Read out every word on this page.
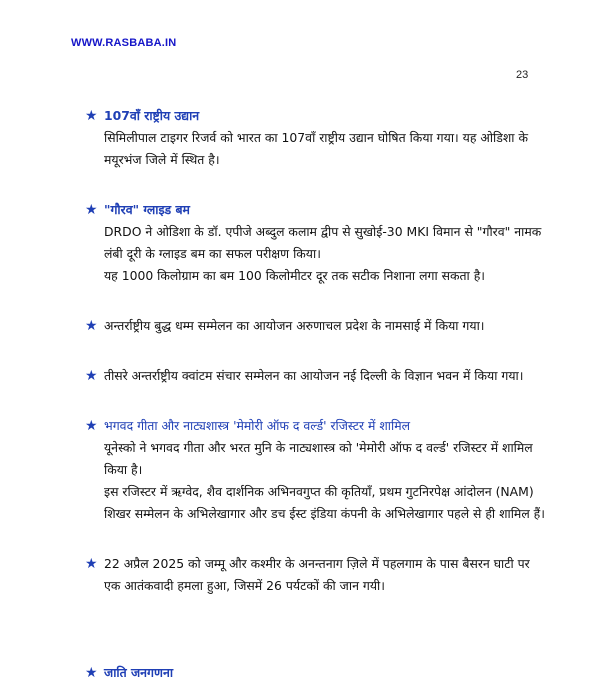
WWW.RASBABA.IN
23
★ 107वाँ राष्ट्रीय उद्यान
सिमिलीपाल टाइगर रिजर्व को भारत का 107वाँ राष्ट्रीय उद्यान घोषित किया गया। यह ओडिशा के मयूरभंज जिले में स्थित है।
★ "गौरव" ग्लाइड बम
DRDO ने ओडिशा के डॉ. एपीजे अब्दुल कलाम द्वीप से सुखोई-30 MKI विमान से "गौरव" नामक लंबी दूरी के ग्लाइड बम का सफल परीक्षण किया।
यह 1000 किलोग्राम का बम 100 किलोमीटर दूर तक सटीक निशाना लगा सकता है।
★ अन्तर्राष्ट्रीय बुद्ध धम्म सम्मेलन का आयोजन अरुणाचल प्रदेश के नामसाई में किया गया।
★ तीसरे अन्तर्राष्ट्रीय क्वांटम संचार सम्मेलन का आयोजन नई दिल्ली के विज्ञान भवन में किया गया।
★ भगवद गीता और नाट्यशास्त्र 'मेमोरी ऑफ द वर्ल्ड' रजिस्टर में शामिल
यूनेस्को ने भगवद गीता और भरत मुनि के नाट्यशास्त्र को 'मेमोरी ऑफ द वर्ल्ड' रजिस्टर में शामिल किया है।
इस रजिस्टर में ऋग्वेद, शैव दार्शनिक अभिनवगुप्त की कृतियाँ, प्रथम गुटनिरपेक्ष आंदोलन (NAM) शिखर सम्मेलन के अभिलेखागार और डच ईस्ट इंडिया कंपनी के अभिलेखागार पहले से ही शामिल हैं।
★ 22 अप्रैल 2025 को जम्मू और कश्मीर के अनन्तनाग ज़िले में पहलगाम के पास बैसरन घाटी पर एक आतंकवादी हमला हुआ, जिसमें 26 पर्यटकों की जान गयी।
★ जाति जनगणना
